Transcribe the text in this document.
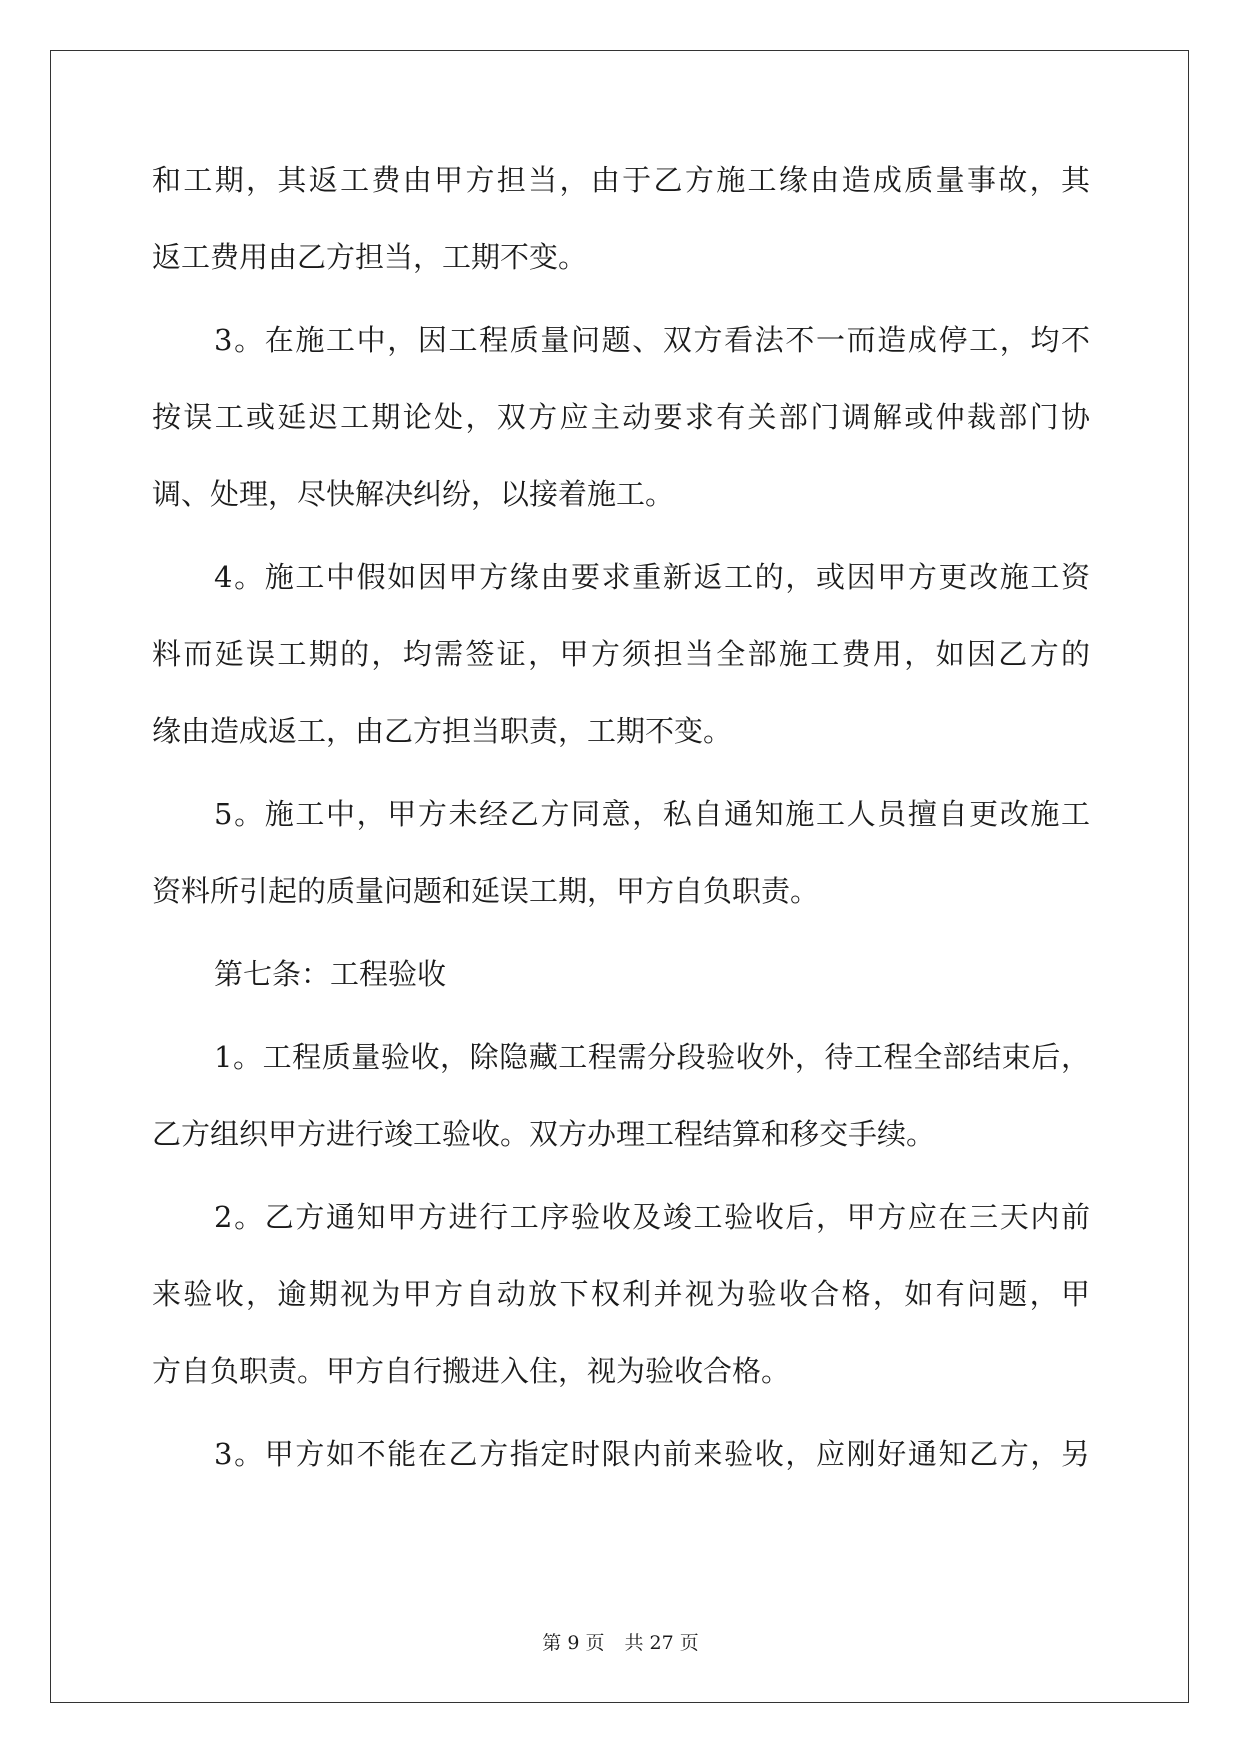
和工期，其返工费由甲方担当，由于乙方施工缘由造成质量事故，其
返工费用由乙方担当，工期不变。
3。在施工中，因工程质量问题、双方看法不一而造成停工，均不
按误工或延迟工期论处，双方应主动要求有关部门调解或仲裁部门协
调、处理，尽快解决纠纷，以接着施工。
4。施工中假如因甲方缘由要求重新返工的，或因甲方更改施工资
料而延误工期的，均需签证，甲方须担当全部施工费用，如因乙方的
缘由造成返工，由乙方担当职责，工期不变。
5。施工中，甲方未经乙方同意，私自通知施工人员擅自更改施工
资料所引起的质量问题和延误工期，甲方自负职责。
第七条：工程验收
1。工程质量验收，除隐藏工程需分段验收外，待工程全部结束后，
乙方组织甲方进行竣工验收。双方办理工程结算和移交手续。
2。乙方通知甲方进行工序验收及竣工验收后，甲方应在三天内前
来验收，逾期视为甲方自动放下权利并视为验收合格，如有问题，甲
方自负职责。甲方自行搬进入住，视为验收合格。
3。甲方如不能在乙方指定时限内前来验收，应刚好通知乙方，另
第 9 页 共 27 页
